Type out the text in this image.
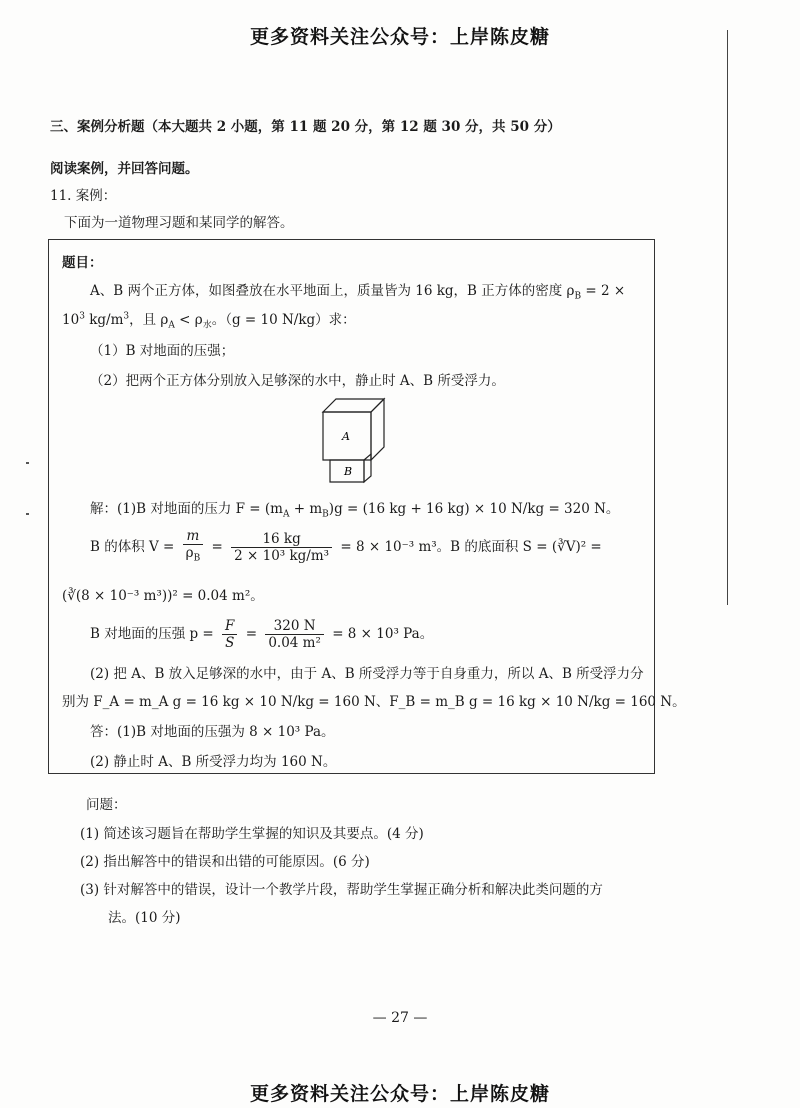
更多资料关注公众号：上岸陈皮糖
三、案例分析题（本大题共 2 小题，第 11 题 20 分，第 12 题 30 分，共 50 分）
阅读案例，并回答问题。
11. 案例：
下面为一道物理习题和某同学的解答。
题目：
A、B 两个正方体，如图叠放在水平地面上，质量皆为 16 kg，B 正方体的密度 $\rho_B = 2$ ×
$10^3$ $kg/m^3$，且 $\rho_A < \rho_水$。（g = 10 N/kg）求：
（1）B 对地面的压强；
（2）把两个正方体分别放入足够深的水中，静止时 A、B 所受浮力。
A
B
解：(1)B 对地面的压力 $F = (m_A + m_B)g = (16$ kg + 16 kg) × 10 N/kg = 320 N。
B 的体积 $V = \frac{m}{\rho_B} = \frac{16 kg}{\text{2 × 10³ kg/m³}} = 8 \times 10^{-3}$ m³。B 的底面积 S = (∛V)² =
(∛(8 × 10⁻³ m³))² = 0.04 m²。
B 对地面的压强 $p = \frac{F}{S} = \frac{320 N}{\text{0.04 m²}} = 8 \times 10^3$ Pa。
(2) 把 A、B 放入足够深的水中，由于 A、B 所受浮力等于自身重力，所以 A、B 所受浮力分
别为 F_A = m_A g = 16 kg × 10 N/kg = 160 N、F_B = m_B g = 16 kg × 10 N/kg = 160 N。
答：(1)B 对地面的压强为 8 × 10³ Pa。
(2) 静止时 A、B 所受浮力均为 160 N。
问题：
(1) 简述该习题旨在帮助学生掌握的知识及其要点。(4 分)
(2) 指出解答中的错误和出错的可能原因。(6 分)
(3) 针对解答中的错误，设计一个教学片段，帮助学生掌握正确分析和解决此类问题的方
法。(10 分)
— 27 —
更多资料关注公众号：上岸陈皮糖
